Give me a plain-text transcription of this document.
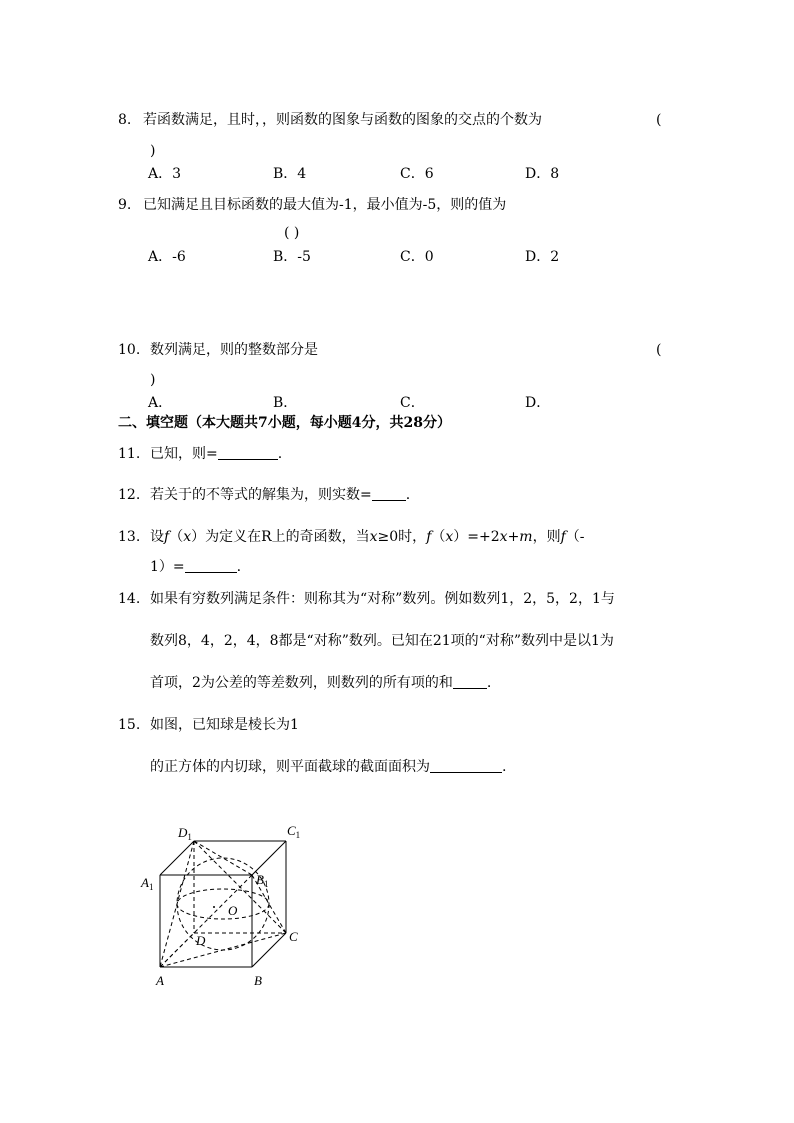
8. 若函数满足，且时，，则函数的图象与函数的图象的交点的个数为	(
)
A．3	B．4	C．6	D．8
9. 已知满足且目标函数的最大值为-1，最小值为-5，则的值为
( )
A．-6	B．-5	C．0	D．2
10. 数列满足，则的整数部分是	(
)
A．	B．	C．	D．
二、填空题（本大题共7小题，每小题4分，共28分）
11. 已知，则=	.
12. 若关于的不等式的解集为，则实数= .
13. 设f（x）为定义在R上的奇函数，当x≥0时，f（x）=+2x+m，则f（-
1）=	.
14. 如果有穷数列满足条件：则称其为“对称”数列。例如数列1，2，5，2，1与
数列8，4，2，4，8都是“对称”数列。已知在21项的“对称”数列中是以1为
首项，2为公差的等差数列，则数列的所有项的和 .
15. 如图，已知球是棱长为1
的正方体的内切球，则平面截球的截面面积为	.
$D_1$	$C_1$
$A_1$	$B_1$
O
D	C
A	B
